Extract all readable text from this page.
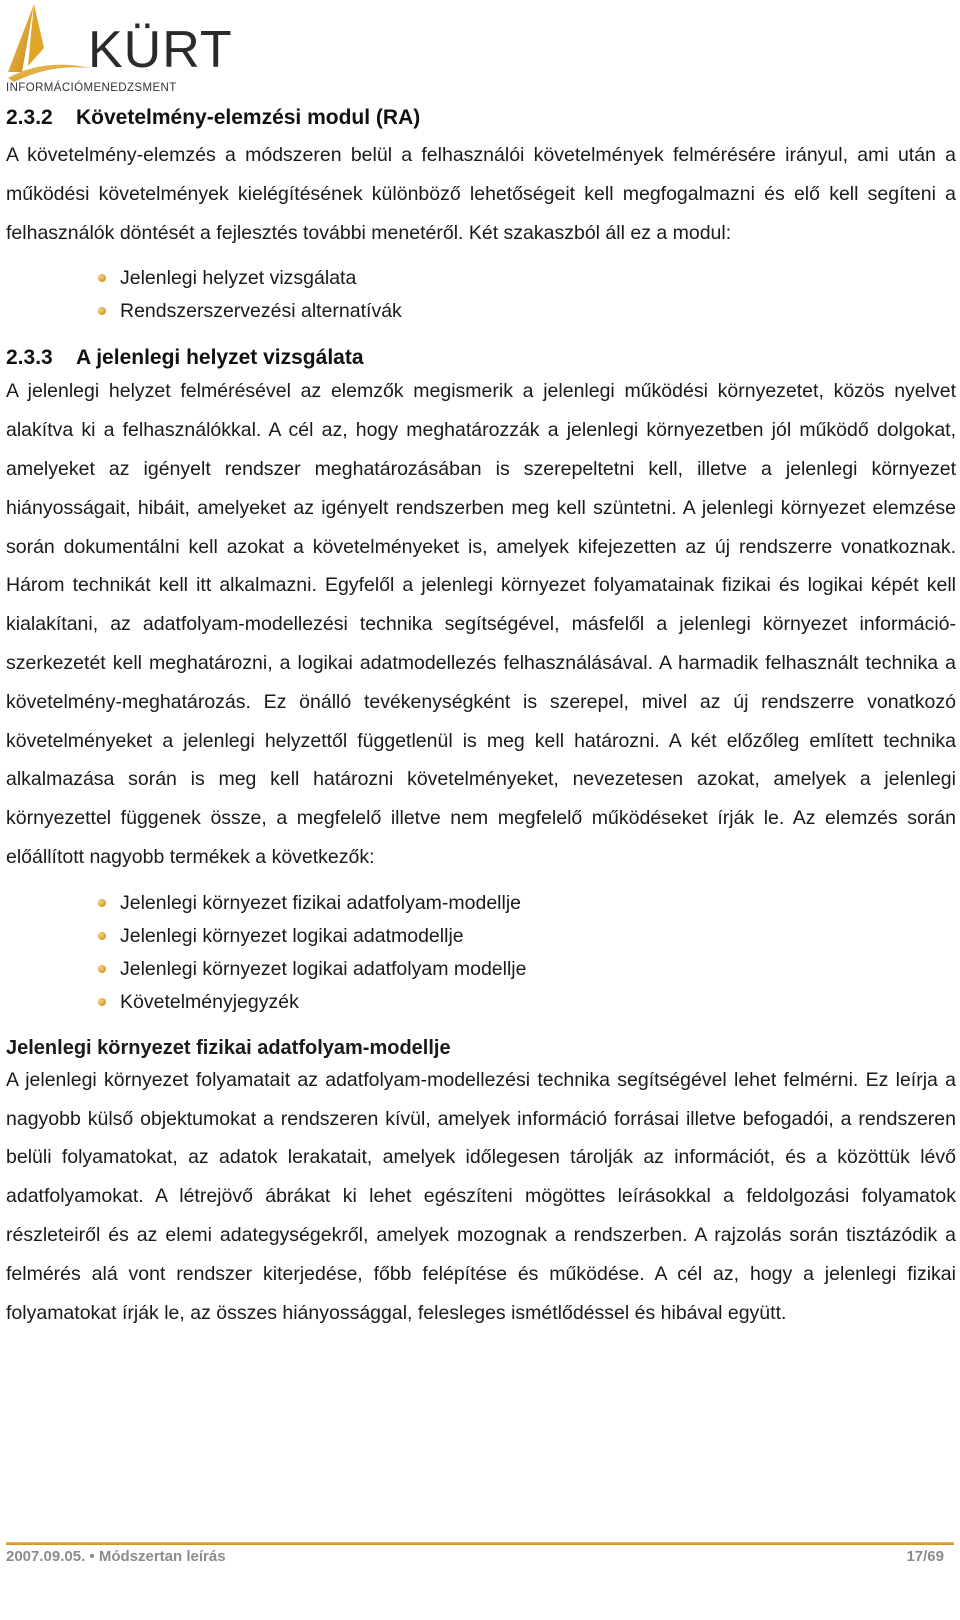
KÜRT
INFORMÁCIÓMENEDZSMENT
2.3.2 Követelmény-elemzési modul (RA)

A követelmény-elemzés a módszeren belül a felhasználói követelmények felmérésére irányul, ami után a működési követelmények kielégítésének különböző lehetőségeit kell megfogalmazni és elő kell segíteni a felhasználók döntését a fejlesztés további menetéről. Két szakaszból áll ez a modul:

Jelenlegi helyzet vizsgálata
Rendszerszervezési alternatívák
2.3.3 A jelenlegi helyzet vizsgálata

A jelenlegi helyzet felmérésével az elemzők megismerik a jelenlegi működési környezetet, közös nyelvet alakítva ki a felhasználókkal. A cél az, hogy meghatározzák a jelenlegi környezetben jól működő dolgokat, amelyeket az igényelt rendszer meghatározásában is szerepeltetni kell, illetve a jelenlegi környezet hiányosságait, hibáit, amelyeket az igényelt rendszerben meg kell szüntetni. A jelenlegi környezet elemzése során dokumentálni kell azokat a követelményeket is, amelyek kifejezetten az új rendszerre vonatkoznak. Három technikát kell itt alkalmazni. Egyfelől a jelenlegi környezet folyamatainak fizikai és logikai képét kell kialakítani, az adatfolyam-modellezési technika segítségével, másfelől a jelenlegi környezet információ-szerkezetét kell meghatározni, a logikai adatmodellezés felhasználásával. A harmadik felhasznált technika a követelmény-meghatározás. Ez önálló tevékenységként is szerepel, mivel az új rendszerre vonatkozó követelményeket a jelenlegi helyzettől függetlenül is meg kell határozni. A két előzőleg említett technika alkalmazása során is meg kell határozni követelményeket, nevezetesen azokat, amelyek a jelenlegi környezettel függenek össze, a megfelelő illetve nem megfelelő működéseket írják le. Az elemzés során előállított nagyobb termékek a következők:

Jelenlegi környezet fizikai adatfolyam-modellje
Jelenlegi környezet logikai adatmodellje
Jelenlegi környezet logikai adatfolyam modellje
Követelményjegyzék
Jelenlegi környezet fizikai adatfolyam-modellje

A jelenlegi környezet folyamatait az adatfolyam-modellezési technika segítségével lehet felmérni. Ez leírja a nagyobb külső objektumokat a rendszeren kívül, amelyek információ forrásai illetve befogadói, a rendszeren belüli folyamatokat, az adatok lerakatait, amelyek időlegesen tárolják az információt, és a közöttük lévő adatfolyamokat. A létrejövő ábrákat ki lehet egészíteni mögöttes leírásokkal a feldolgozási folyamatok részleteiről és az elemi adategységekről, amelyek mozognak a rendszerben. A rajzolás során tisztázódik a felmérés alá vont rendszer kiterjedése, főbb felépítése és működése. A cél az, hogy a jelenlegi fizikai folyamatokat írják le, az összes hiányossággal, felesleges ismétlődéssel és hibával együtt.

2007.09.05. • Módszertan leírás	17/69
